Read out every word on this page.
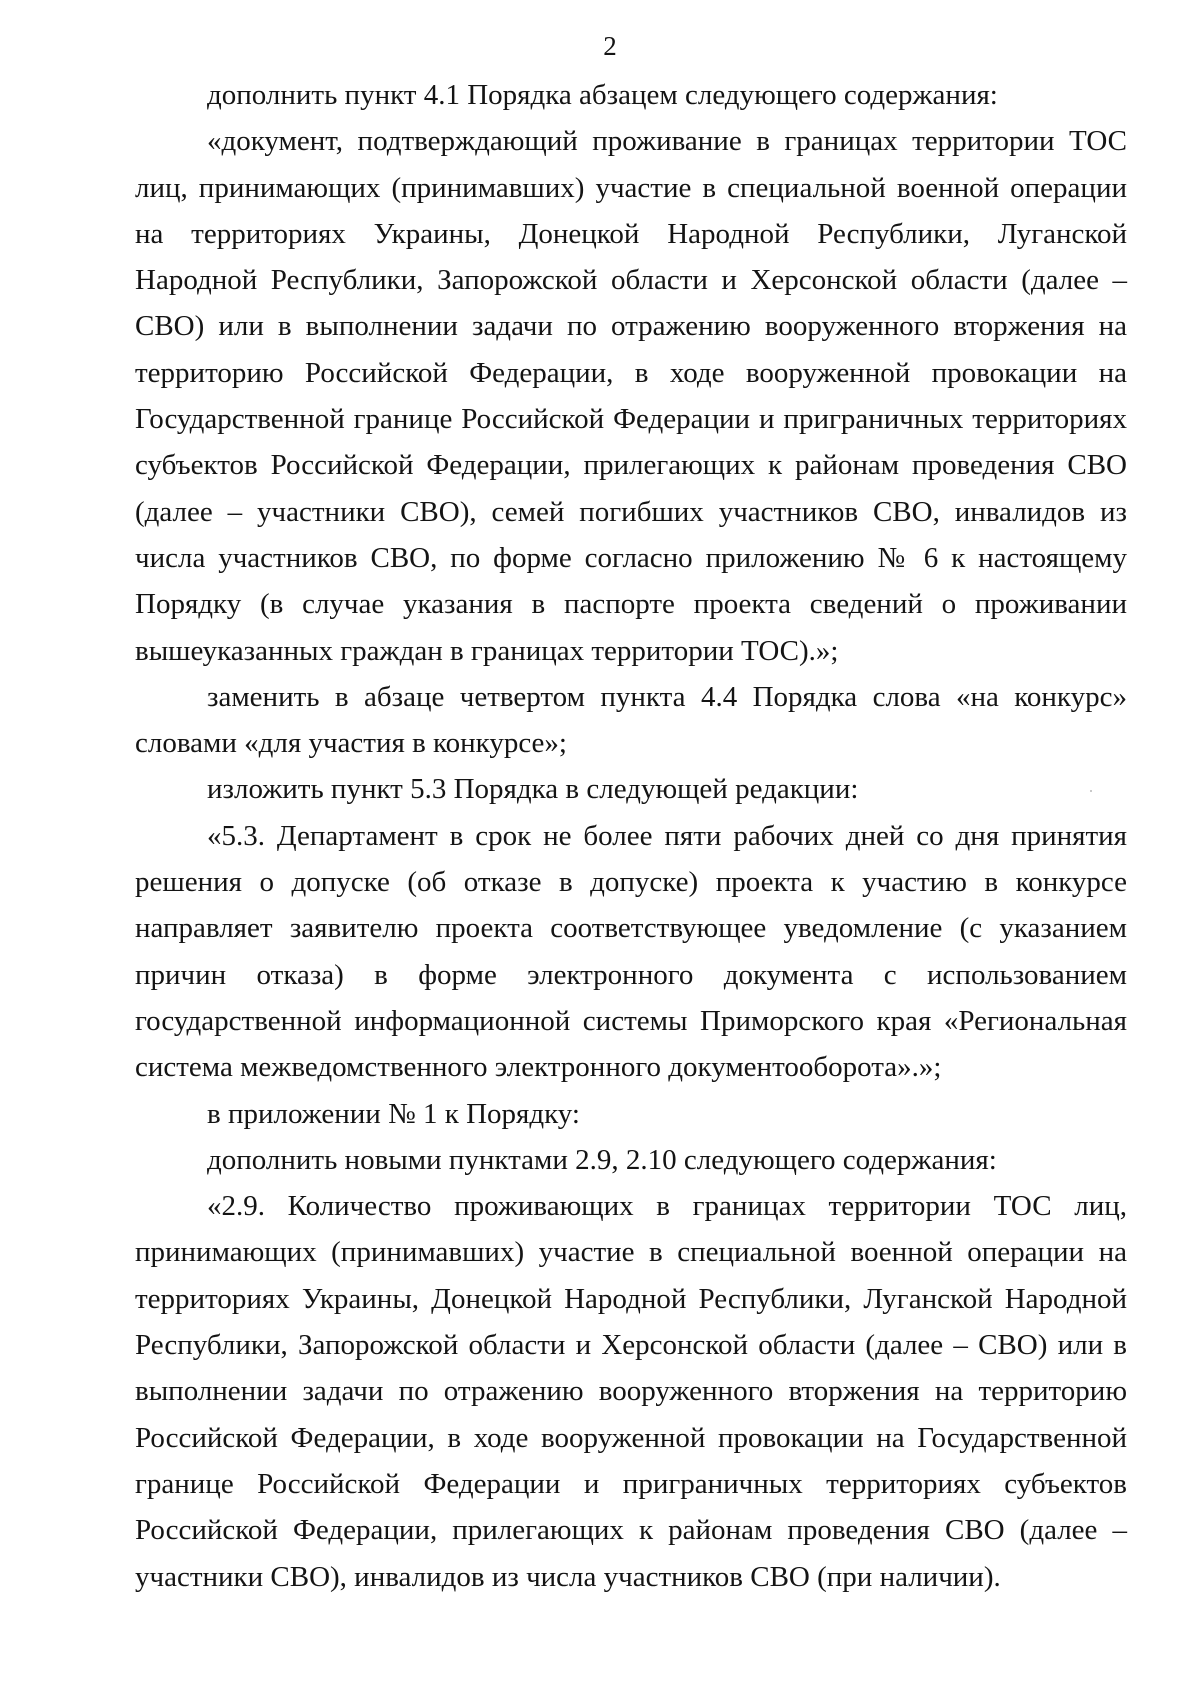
2

дополнить пункт 4.1 Порядка абзацем следующего содержания:

«документ, подтверждающий проживание в границах территории ТОС лиц, принимающих (принимавших) участие в специальной военной операции на территориях Украины, Донецкой Народной Республики, Луганской Народной Республики, Запорожской области и Херсонской области (далее – СВО) или в выполнении задачи по отражению вооруженного вторжения на территорию Российской Федерации, в ходе вооруженной провокации на Государственной границе Российской Федерации и приграничных территориях субъектов Российской Федерации, прилегающих к районам проведения СВО (далее – участники СВО), семей погибших участников СВО, инвалидов из числа участников СВО, по форме согласно приложению № 6 к настоящему Порядку (в случае указания в паспорте проекта сведений о проживании вышеуказанных граждан в границах территории ТОС).»;

заменить в абзаце четвертом пункта 4.4 Порядка слова «на конкурс» словами «для участия в конкурсе»;

изложить пункт 5.3 Порядка в следующей редакции:

«5.3. Департамент в срок не более пяти рабочих дней со дня принятия решения о допуске (об отказе в допуске) проекта к участию в конкурсе направляет заявителю проекта соответствующее уведомление (с указанием причин отказа) в форме электронного документа с использованием государственной информационной системы Приморского края «Региональная система межведомственного электронного документооборота».»;

в приложении № 1 к Порядку:

дополнить новыми пунктами 2.9, 2.10 следующего содержания:

«2.9. Количество проживающих в границах территории ТОС лиц, принимающих (принимавших) участие в специальной военной операции на территориях Украины, Донецкой Народной Республики, Луганской Народной Республики, Запорожской области и Херсонской области (далее – СВО) или в выполнении задачи по отражению вооруженного вторжения на территорию Российской Федерации, в ходе вооруженной провокации на Государственной границе Российской Федерации и приграничных территориях субъектов Российской Федерации, прилегающих к районам проведения СВО (далее – участники СВО), инвалидов из числа участников СВО (при наличии).
